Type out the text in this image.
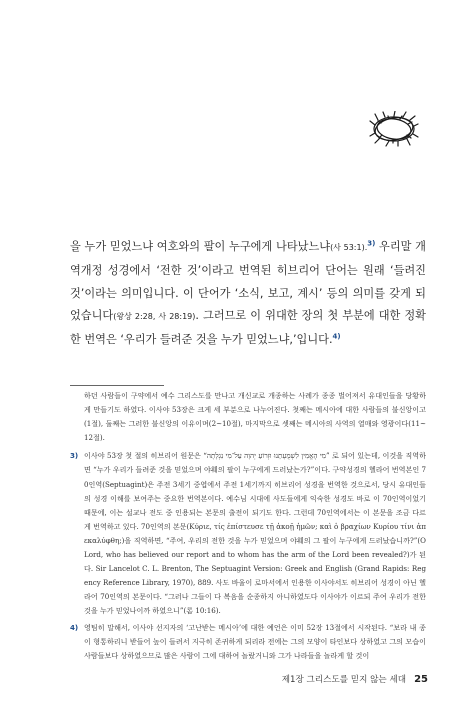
을 누가 믿었느냐 여호와의 팔이 누구에게 나타났느냐(사 53:1).$^{3)}$ 우리말 개역개정 성경에서 ‘전한 것’이라고 번역된 히브리어 단어는 원래 ‘들려진 것’이라는 의미입니다. 이 단어가 ‘소식, 보고, 계시’ 등의 의미를 갖게 되었습니다(왕상 2:28, 사 28:19). 그러므로 이 위대한 장의 첫 부분에 대한 정확한 번역은 ‘우리가 들려준 것을 누가 믿었느냐,’입니다.$^{4)}$

하던 사람들이 구약에서 예수 그리스도를 만나고 개신교로 개종하는 사례가 종종 벌어져서 유대인들을 당황하게 만들기도 하였다. 이사야 53장은 크게 세 부분으로 나누어진다. 첫째는 메시아에 대한 사람들의 불신앙이고(1절), 둘째는 그러한 불신앙의 이유이며(2~10절), 마지막으로 셋째는 메시아의 사역의 열매와 영광이다(11~12절).

3) 이사야 53장 첫 절의 히브리어 원문은 “מִי הֶאֱמִין לִשְׁמֻעָתֵנוּ וּזְרוֹעַ יְהוָה עַל־מִי נִגְלָתָה” 로 되어 있는데, 이것을 직역하면 “누가 우리가 들려준 것을 믿었으며 야훼의 팔이 누구에게 드러났는가?”이다. 구약성경의 헬라어 번역본인 70인역(Septuagint)은 주전 3세기 중엽에서 주전 1세기까지 히브리어 성경을 번역한 것으로서, 당시 유대인들의 성경 이해를 보여주는 중요한 번역본이다. 예수님 시대에 사도들에게 익숙한 성경도 바로 이 70인역이었기 때문에, 이는 설교나 전도 중 인용되는 본문의 출전이 되기도 한다. 그런데 70인역에서는 이 본문을 조금 다르게 번역하고 있다. 70인역의 본문(Κύριε, τίς ἐπίστευσε τῇ ἀκοῇ ἡμῶν; καὶ ὁ βραχίων Κυρίου τίνι ἀπεκαλύφθη;)을 직역하면, “주여, 우리의 전한 것을 누가 믿었으며 야훼의 그 팔이 누구에게 드러났습니까?”(O Lord, who has believed our report and to whom has the arm of the Lord been revealed?)가 된다. Sir Lancelot C. L. Brenton, The Septuagint Version: Greek and English (Grand Rapids: Regency Reference Library, 1970), 889. 사도 바울이 로마서에서 인용한 이사야서도 히브리어 성경이 아닌 헬라어 70인역의 본문이다. “그러나 그들이 다 복음을 순종하지 아니하였도다 이사야가 이르되 주여 우리가 전한 것을 누가 믿었나이까 하였으니”(롬 10:16).

4) 영팀히 말해서, 이사야 선지자의 ‘고난받는 메시아’에 대한 예언은 이미 52장 13절에서 시작된다. “보라 내 종이 형통하리니 받들어 높이 들려서 지극히 존귀하게 되리라 전에는 그의 모양이 타인보다 상하였고 그의 모습이 사람들보다 상하였으므로 많은 사람이 그에 대하여 놀랐거니와 그가 나라들을 놀라게 할 것이

제1장 그리스도를 믿지 않는 세대 25
